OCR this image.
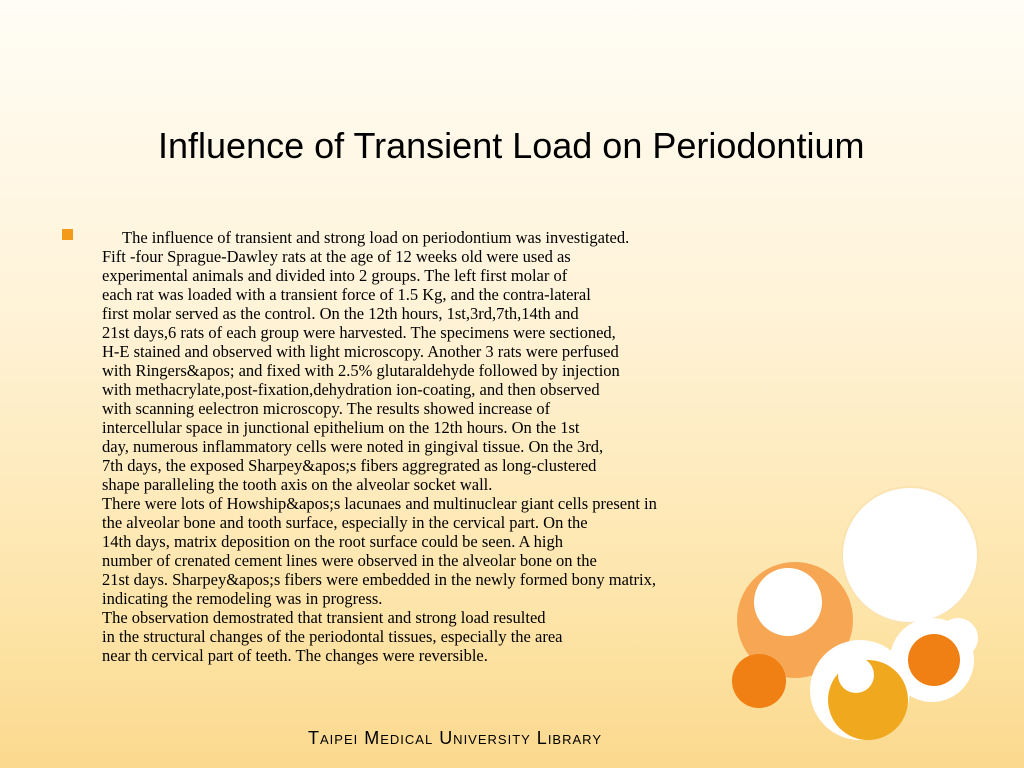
Influence of Transient Load on Periodontium
The influence of transient and strong load on periodontium was investigated.
Fift -four Sprague-Dawley rats at the age of 12 weeks old were used as
experimental animals and divided into 2 groups. The left first molar of
each rat was loaded with a transient force of 1.5 Kg, and the contra-lateral
first molar served as the control. On the 12th hours, 1st,3rd,7th,14th and
21st days,6 rats of each group were harvested. The specimens were sectioned,
H-E stained and observed with light microscopy. Another 3 rats were perfused
with Ringers&apos; and fixed with 2.5% glutaraldehyde followed by injection
with methacrylate,post-fixation,dehydration ion-coating, and then observed
with scanning eelectron microscopy. The results showed increase of
intercellular space in junctional epithelium on the 12th hours. On the 1st
day, numerous inflammatory cells were noted in gingival tissue. On the 3rd,
7th days, the exposed Sharpey&apos;s fibers aggregrated as long-clustered
shape paralleling the tooth axis on the alveolar socket wall.
There were lots of Howship&apos;s lacunaes and multinuclear giant cells present in
the alveolar bone and tooth surface, especially in the cervical part. On the
14th days, matrix deposition on the root surface could be seen. A high
number of crenated cement lines were observed in the alveolar bone on the
21st days. Sharpey&apos;s fibers were embedded in the newly formed bony matrix,
indicating the remodeling was in progress.
The observation demostrated that transient and strong load resulted
in the structural changes of the periodontal tissues, especially the area
near th cervical part of teeth. The changes were reversible.
Taipei Medical University Library
